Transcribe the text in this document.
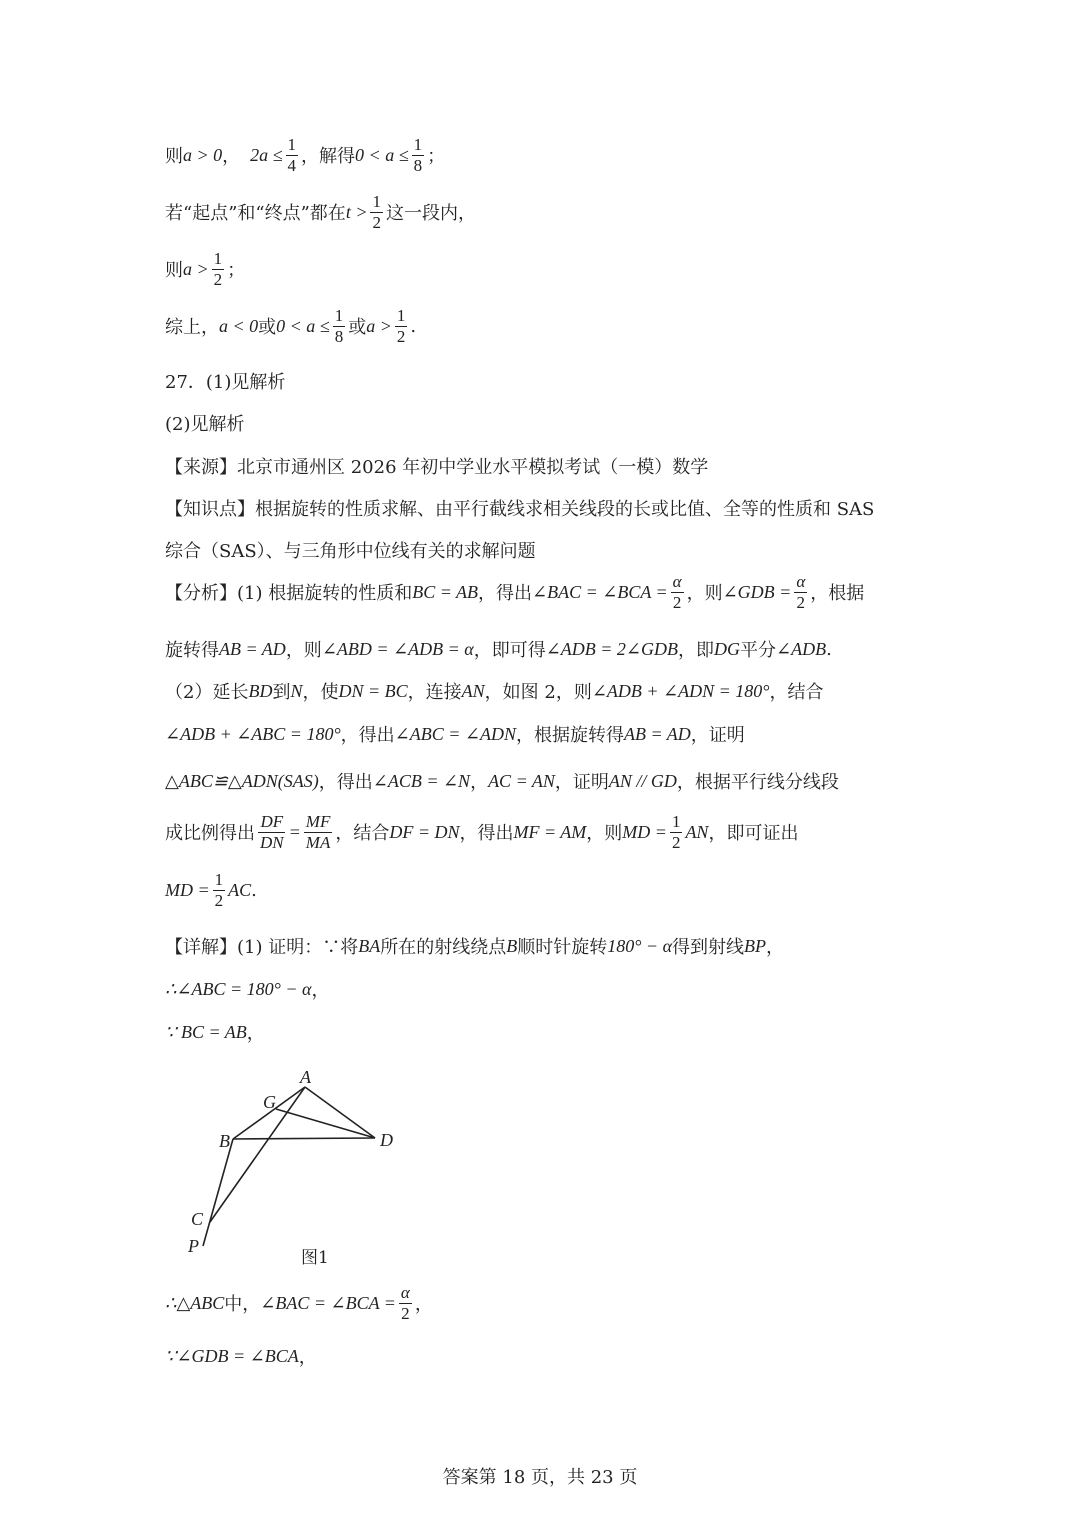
则 a > 0 ， $2a \le \frac{1}{4}$ ，解得 $0 < a \le \frac{1}{8}$ ；
若“起点”和“终点”都在 $t > \frac{1}{2}$ 这一段内，
则 $a > \frac{1}{2}$ ；
综上， a < 0 或 $0 < a \le \frac{1}{8}$ 或 $a > \frac{1}{2}$ .
27．(1)见解析
(2)见解析
【来源】北京市通州区 2026 年初中学业水平模拟考试（一模）数学
【知识点】根据旋转的性质求解、由平行截线求相关线段的长或比值、全等的性质和 SAS
综合（SAS）、与三角形中位线有关的求解问题
【分析】(1) 根据旋转的性质和 BC = AB ，得出 ∠BAC = ∠BCA = $\frac{\alpha}{2}$ ，则 ∠GDB = $\frac{\alpha}{2}$ ，根据
旋转得 AB = AD ，则 ∠ABD = ∠ADB = α ，即可得 ∠ADB = 2∠GDB ，即 DG 平分 ∠ADB .
（2）延长 BD 到 N ，使 DN = BC ，连接 AN ，如图 2，则 ∠ADB + ∠ADN = 180° ，结合
∠ADB + ∠ABC = 180° ，得出 ∠ABC = ∠ADN ，根据旋转得 AB = AD ，证明
△ABC≌△ADN(SAS) ，得出 ∠ACB = ∠N ， AC = AN ，证明 AN // GD ，根据平行线分线段
成比例得出 $\frac{DF}{DN} = \frac{MF}{MA}$ ，结合 DF = DN ，得出 MF = AM ，则 MD = $\frac{1}{2}$ AN ，即可证出
MD = $\frac{1}{2}$ AC .
【详解】(1) 证明：∵将 BA 所在的射线绕点 B 顺时针旋转 180° − α 得到射线 BP ，
∴∠ABC = 180° − α ，
∵ BC = AB ，
A
G
B	D
C
P
图1
∴△ABC 中， ∠BAC = ∠BCA = $\frac{\alpha}{2}$ ，
∵∠GDB = ∠BCA ，
答案第 18 页，共 23 页
